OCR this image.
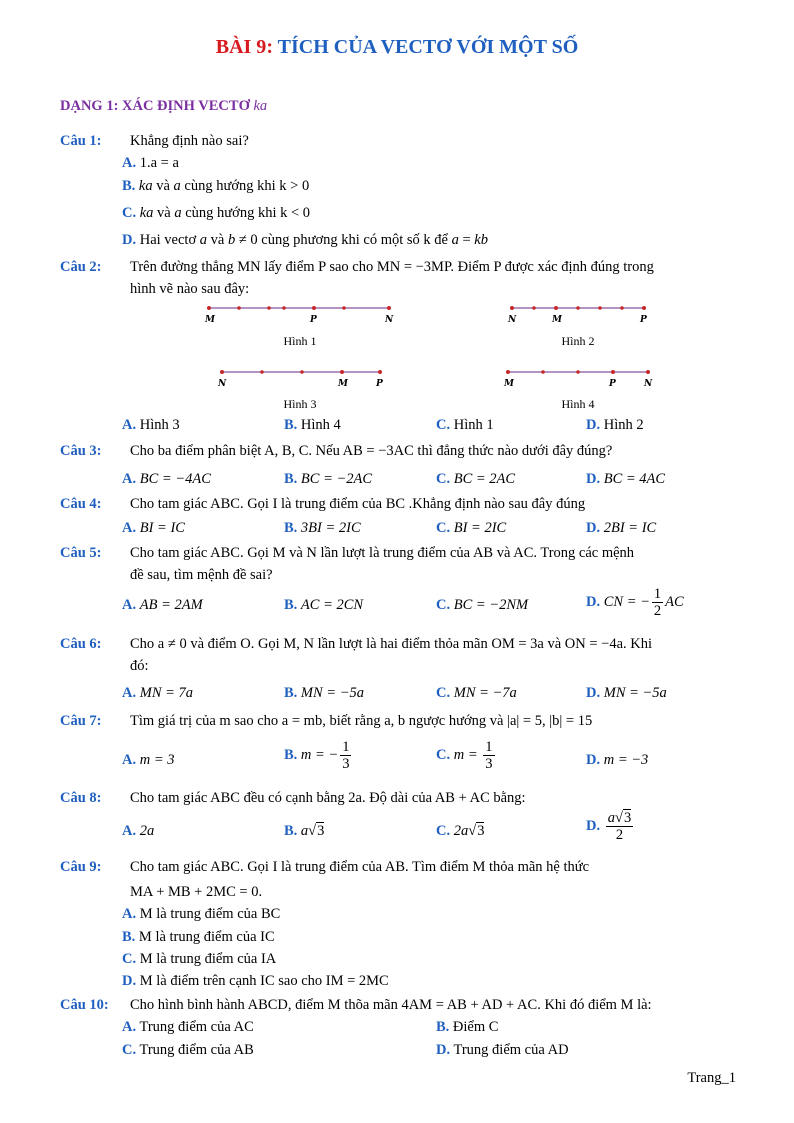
BÀI 9: TÍCH CỦA VECTƠ VỚI MỘT SỐ
DẠNG 1: XÁC ĐỊNH VECTƠ ka
Câu 1: Khẳng định nào sai?
A. 1.a = a
B. ka và a cùng hướng khi k > 0
C. ka và a cùng hướng khi k < 0
D. Hai vectơ a và b ≠ 0 cùng phương khi có một số k để a = kb
Câu 2: Trên đường thẳng MN lấy điểm P sao cho MN = −3MP. Điểm P được xác định đúng trong
hình vẽ nào sau đây:
M	P	N
Hình 1
N	M	P
Hình 2
N	M	P
Hình 3
M	P	N
Hình 4
A. Hình 3	B. Hình 4	C. Hình 1	D. Hình 2
Câu 3: Cho ba điểm phân biệt A, B, C. Nếu AB = −3AC thì đẳng thức nào dưới đây đúng?
A. BC = −4AC	B. BC = −2AC	C. BC = 2AC	D. BC = 4AC
Câu 4: Cho tam giác ABC. Gọi I là trung điểm của BC .Khẳng định nào sau đây đúng
A. BI = IC	B. 3BI = 2IC	C. BI = 2IC	D. 2BI = IC
Câu 5: Cho tam giác ABC. Gọi M và N lần lượt là trung điểm của AB và AC. Trong các mệnh
đề sau, tìm mệnh đề sai?
A. AB = 2AM	B. AC = 2CN	C. BC = −2NM	D. CN = − $\frac{1}{2}$ AC
Câu 6: Cho a ≠ 0 và điểm O. Gọi M, N lần lượt là hai điểm thỏa mãn OM = 3a và ON = −4a. Khi
đó:
A. MN = 7a	B. MN = −5a	C. MN = −7a	D. MN = −5a
Câu 7: Tìm giá trị của m sao cho a = mb, biết rằng a, b ngược hướng và |a| = 5, |b| = 15
A. m = 3	B. m = − $\frac{1}{3}$	C. $m = \frac{1}{3}$	D. m = −3
Câu 8: Cho tam giác ABC đều có cạnh bằng 2a. Độ dài của AB + AC bằng:
A. 2a	B. a√3	C. 2a√3	D. $\frac{a√3}{2}$
Câu 9: Cho tam giác ABC. Gọi I là trung điểm của AB. Tìm điểm M thỏa mãn hệ thức
MA + MB + 2MC = 0.
A. M là trung điểm của BC
B. M là trung điểm của IC
C. M là trung điểm của IA
D. M là điểm trên cạnh IC sao cho IM = 2MC
Câu 10: Cho hình bình hành ABCD, điểm M thõa mãn 4AM = AB + AD + AC. Khi đó điểm M là:
A. Trung điểm của AC	B. Điểm C
C. Trung điểm của AB	D. Trung điểm của AD
Trang_1
